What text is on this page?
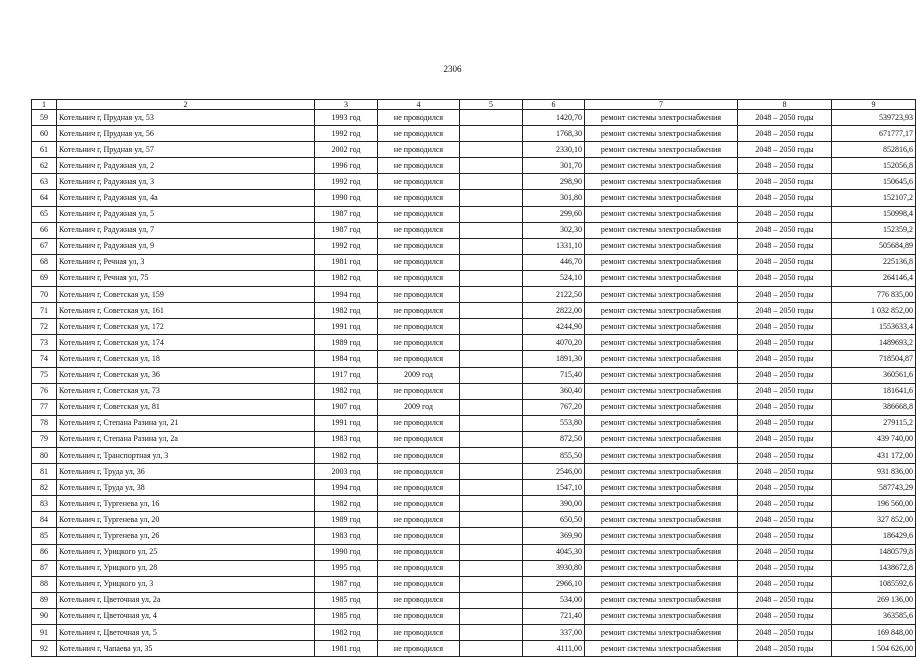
2306
1	2	3	4	5	6	7	8	9
59	Котельнич г, Прудная ул, 53	1993 год	не проводился		1420,70	ремонт системы электроснабжения	2048 – 2050 годы	539723,93
60	Котельнич г, Прудная ул, 56	1992 год	не проводился		1768,30	ремонт системы электроснабжения	2048 – 2050 годы	671777,17
61	Котельнич г, Прудная ул, 57	2002 год	не проводился		2330,10	ремонт системы электроснабжения	2048 – 2050 годы	852816,6
62	Котельнич г, Радужная ул, 2	1996 год	не проводился		301,70	ремонт системы электроснабжения	2048 – 2050 годы	152056,8
63	Котельнич г, Радужная ул, 3	1992 год	не проводился		298,90	ремонт системы электроснабжения	2048 – 2050 годы	150645,6
64	Котельнич г, Радужная ул, 4а	1990 год	не проводился		301,80	ремонт системы электроснабжения	2048 – 2050 годы	152107,2
65	Котельнич г, Радужная ул, 5	1987 год	не проводился		299,60	ремонт системы электроснабжения	2048 – 2050 годы	150998,4
66	Котельнич г, Радужная ул, 7	1987 год	не проводился		302,30	ремонт системы электроснабжения	2048 – 2050 годы	152359,2
67	Котельнич г, Радужная ул, 9	1992 год	не проводился		1331,10	ремонт системы электроснабжения	2048 – 2050 годы	505684,89
68	Котельнич г, Речная ул, 3	1981 год	не проводился		446,70	ремонт системы электроснабжения	2048 – 2050 годы	225136,8
69	Котельнич г, Речная ул, 75	1982 год	не проводился		524,10	ремонт системы электроснабжения	2048 – 2050 годы	264146,4
70	Котельнич г, Советская ул, 159	1994 год	не проводился		2122,50	ремонт системы электроснабжения	2048 – 2050 годы	776 835,00
71	Котельнич г, Советская ул, 161	1982 год	не проводился		2822,00	ремонт системы электроснабжения	2048 – 2050 годы	1 032 852,00
72	Котельнич г, Советская ул, 172	1991 год	не проводился		4244,90	ремонт системы электроснабжения	2048 – 2050 годы	1553633,4
73	Котельнич г, Советская ул, 174	1989 год	не проводился		4070,20	ремонт системы электроснабжения	2048 – 2050 годы	1489693,2
74	Котельнич г, Советская ул, 18	1984 год	не проводился		1891,30	ремонт системы электроснабжения	2048 – 2050 годы	718504,87
75	Котельнич г, Советская ул, 36	1917 год	2009 год		715,40	ремонт системы электроснабжения	2048 – 2050 годы	360561,6
76	Котельнич г, Советская ул, 73	1982 год	не проводился		360,40	ремонт системы электроснабжения	2048 – 2050 годы	181641,6
77	Котельнич г, Советская ул, 81	1907 год	2009 год		767,20	ремонт системы электроснабжения	2048 – 2050 годы	386668,8
78	Котельнич г, Степана Разина ул, 21	1991 год	не проводился		553,80	ремонт системы электроснабжения	2048 – 2050 годы	279115,2
79	Котельнич г, Степана Разина ул, 2а	1983 год	не проводился		872,50	ремонт системы электроснабжения	2048 – 2050 годы	439 740,00
80	Котельнич г, Транспортная ул, 3	1982 год	не проводился		855,50	ремонт системы электроснабжения	2048 – 2050 годы	431 172,00
81	Котельнич г, Труда ул, 36	2003 год	не проводился		2546,00	ремонт системы электроснабжения	2048 – 2050 годы	931 836,00
82	Котельнич г, Труда ул, 38	1994 год	не проводился		1547,10	ремонт системы электроснабжения	2048 – 2050 годы	587743,29
83	Котельнич г, Тургенева ул, 16	1982 год	не проводился		390,00	ремонт системы электроснабжения	2048 – 2050 годы	196 560,00
84	Котельнич г, Тургенева ул, 20	1989 год	не проводился		650,50	ремонт системы электроснабжения	2048 – 2050 годы	327 852,00
85	Котельнич г, Тургенева ул, 26	1983 год	не проводился		369,90	ремонт системы электроснабжения	2048 – 2050 годы	186429,6
86	Котельнич г, Урицкого ул, 25	1990 год	не проводился		4045,30	ремонт системы электроснабжения	2048 – 2050 годы	1480579,8
87	Котельнич г, Урицкого ул, 28	1995 год	не проводился		3930,80	ремонт системы электроснабжения	2048 – 2050 годы	1438672,8
88	Котельнич г, Урицкого ул, 3	1987 год	не проводился		2966,10	ремонт системы электроснабжения	2048 – 2050 годы	1085592,6
89	Котельнич г, Цветочная ул, 2а	1985 год	не проводился		534,00	ремонт системы электроснабжения	2048 – 2050 годы	269 136,00
90	Котельнич г, Цветочная ул, 4	1985 год	не проводился		721,40	ремонт системы электроснабжения	2048 – 2050 годы	363585,6
91	Котельнич г, Цветочная ул, 5	1982 год	не проводился		337,00	ремонт системы электроснабжения	2048 – 2050 годы	169 848,00
92	Котельнич г, Чапаева ул, 35	1981 год	не проводился		4111,00	ремонт системы электроснабжения	2048 – 2050 годы	1 504 626,00
